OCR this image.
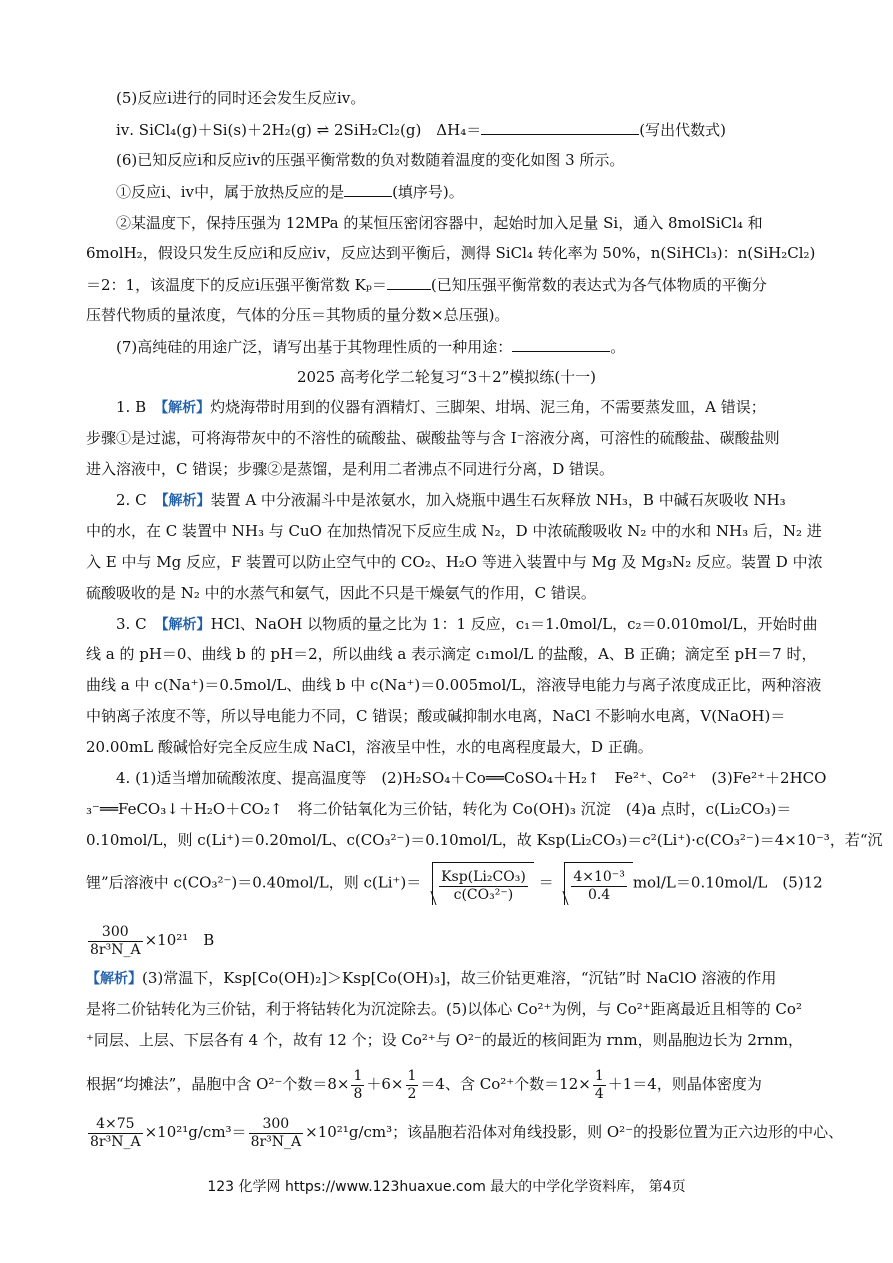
(5)反应ⅰ进行的同时还会发生反应ⅳ。
ⅳ. SiCl₄(g)＋Si(s)＋2H₂(g) ⇌ 2SiH₂Cl₂(g)　ΔH₄＝	(写出代数式)
(6)已知反应ⅰ和反应ⅳ的压强平衡常数的负对数随着温度的变化如图 3 所示。
①反应ⅰ、ⅳ中，属于放热反应的是	(填序号)。
②某温度下，保持压强为 12MPa 的某恒压密闭容器中，起始时加入足量 Si，通入 8molSiCl₄ 和
6molH₂，假设只发生反应ⅰ和反应ⅳ，反应达到平衡后，测得 SiCl₄ 转化率为 50%，n(SiHCl₃)：n(SiH₂Cl₂)
＝2：1，该温度下的反应ⅰ压强平衡常数 Kₚ＝	(已知压强平衡常数的表达式为各气体物质的平衡分
压替代物质的量浓度，气体的分压＝其物质的量分数×总压强)。
(7)高纯硅的用途广泛，请写出基于其物理性质的一种用途：	。
2025 高考化学二轮复习“3＋2”模拟练(十一)
1. B　【解析】灼烧海带时用到的仪器有酒精灯、三脚架、坩埚、泥三角，不需要蒸发皿，A 错误；
步骤①是过滤，可将海带灰中的不溶性的硫酸盐、碳酸盐等与含 I⁻溶液分离，可溶性的硫酸盐、碳酸盐则
进入溶液中，C 错误；步骤②是蒸馏，是利用二者沸点不同进行分离，D 错误。
2. C　【解析】装置 A 中分液漏斗中是浓氨水，加入烧瓶中遇生石灰释放 NH₃，B 中碱石灰吸收 NH₃
中的水，在 C 装置中 NH₃ 与 CuO 在加热情况下反应生成 N₂，D 中浓硫酸吸收 N₂ 中的水和 NH₃ 后，N₂ 进
入 E 中与 Mg 反应，F 装置可以防止空气中的 CO₂、H₂O 等进入装置中与 Mg 及 Mg₃N₂ 反应。装置 D 中浓
硫酸吸收的是 N₂ 中的水蒸气和氨气，因此不只是干燥氨气的作用，C 错误。
3. C　【解析】HCl、NaOH 以物质的量之比为 1：1 反应，c₁＝1.0mol/L，c₂＝0.010mol/L，开始时曲
线 a 的 pH＝0、曲线 b 的 pH＝2，所以曲线 a 表示滴定 c₁mol/L 的盐酸，A、B 正确；滴定至 pH＝7 时，
曲线 a 中 c(Na⁺)＝0.5mol/L、曲线 b 中 c(Na⁺)＝0.005mol/L，溶液导电能力与离子浓度成正比，两种溶液
中钠离子浓度不等，所以导电能力不同，C 错误；酸或碱抑制水电离，NaCl 不影响水电离，V(NaOH)＝
20.00mL 酸碱恰好完全反应生成 NaCl，溶液呈中性，水的电离程度最大，D 正确。
4. (1)适当增加硫酸浓度、提高温度等　(2)H₂SO₄＋Co══CoSO₄＋H₂↑　Fe²⁺、Co²⁺　(3)Fe²⁺＋2HCO
₃⁻══FeCO₃↓＋H₂O＋CO₂↑　将二价钴氧化为三价钴，转化为 Co(OH)₃ 沉淀　(4)a 点时，c(Li₂CO₃)＝
0.10mol/L，则 c(Li⁺)＝0.20mol/L、c(CO₃²⁻)＝0.10mol/L，故 Ksp(Li₂CO₃)＝c²(Li⁺)·c(CO₃²⁻)＝4×10⁻³，若“沉
锂”后溶液中 c(CO₃²⁻)＝0.40mol/L，则 $c(Li^+)= \frac{\text{Ksp(Li₂CO₃)}}{\text{c(CO₃²⁻)}} = \frac{\text{4×10⁻³}}{0.4} mol/L=0.10mol/L$　(5)12
$\frac{300}{\text{8r³N\_A}} \times 10^{21}$　B
【解析】(3)常温下，Ksp[Co(OH)₂]＞Ksp[Co(OH)₃]，故三价钴更难溶，“沉钴”时 NaClO 溶液的作用
是将二价钴转化为三价钴，利于将钴转化为沉淀除去。(5)以体心 Co²⁺为例，与 Co²⁺距离最近且相等的 Co²
⁺同层、上层、下层各有 4 个，故有 12 个；设 Co²⁺与 O²⁻的最近的核间距为 rnm，则晶胞边长为 2rnm，
根据“均摊法”，晶胞中含 O²⁻个数$=8\times \frac{1}{8} +6\times \frac{1}{2} =4$、含 Co²⁺个数$=12\times \frac{1}{4} +1=4$，则晶体密度为
$\frac{4\times 75}{\text{8r³N\_A}} \times 10^{21}g/cm^3= \frac{300}{\text{8r³N\_A}} \times 10^{21}g/cm^3$；该晶胞若沿体对角线投影，则 O²⁻的投影位置为正六边形的中心、
123 化学网 https://www.123huaxue.com 最大的中学化学资料库， 第4页
